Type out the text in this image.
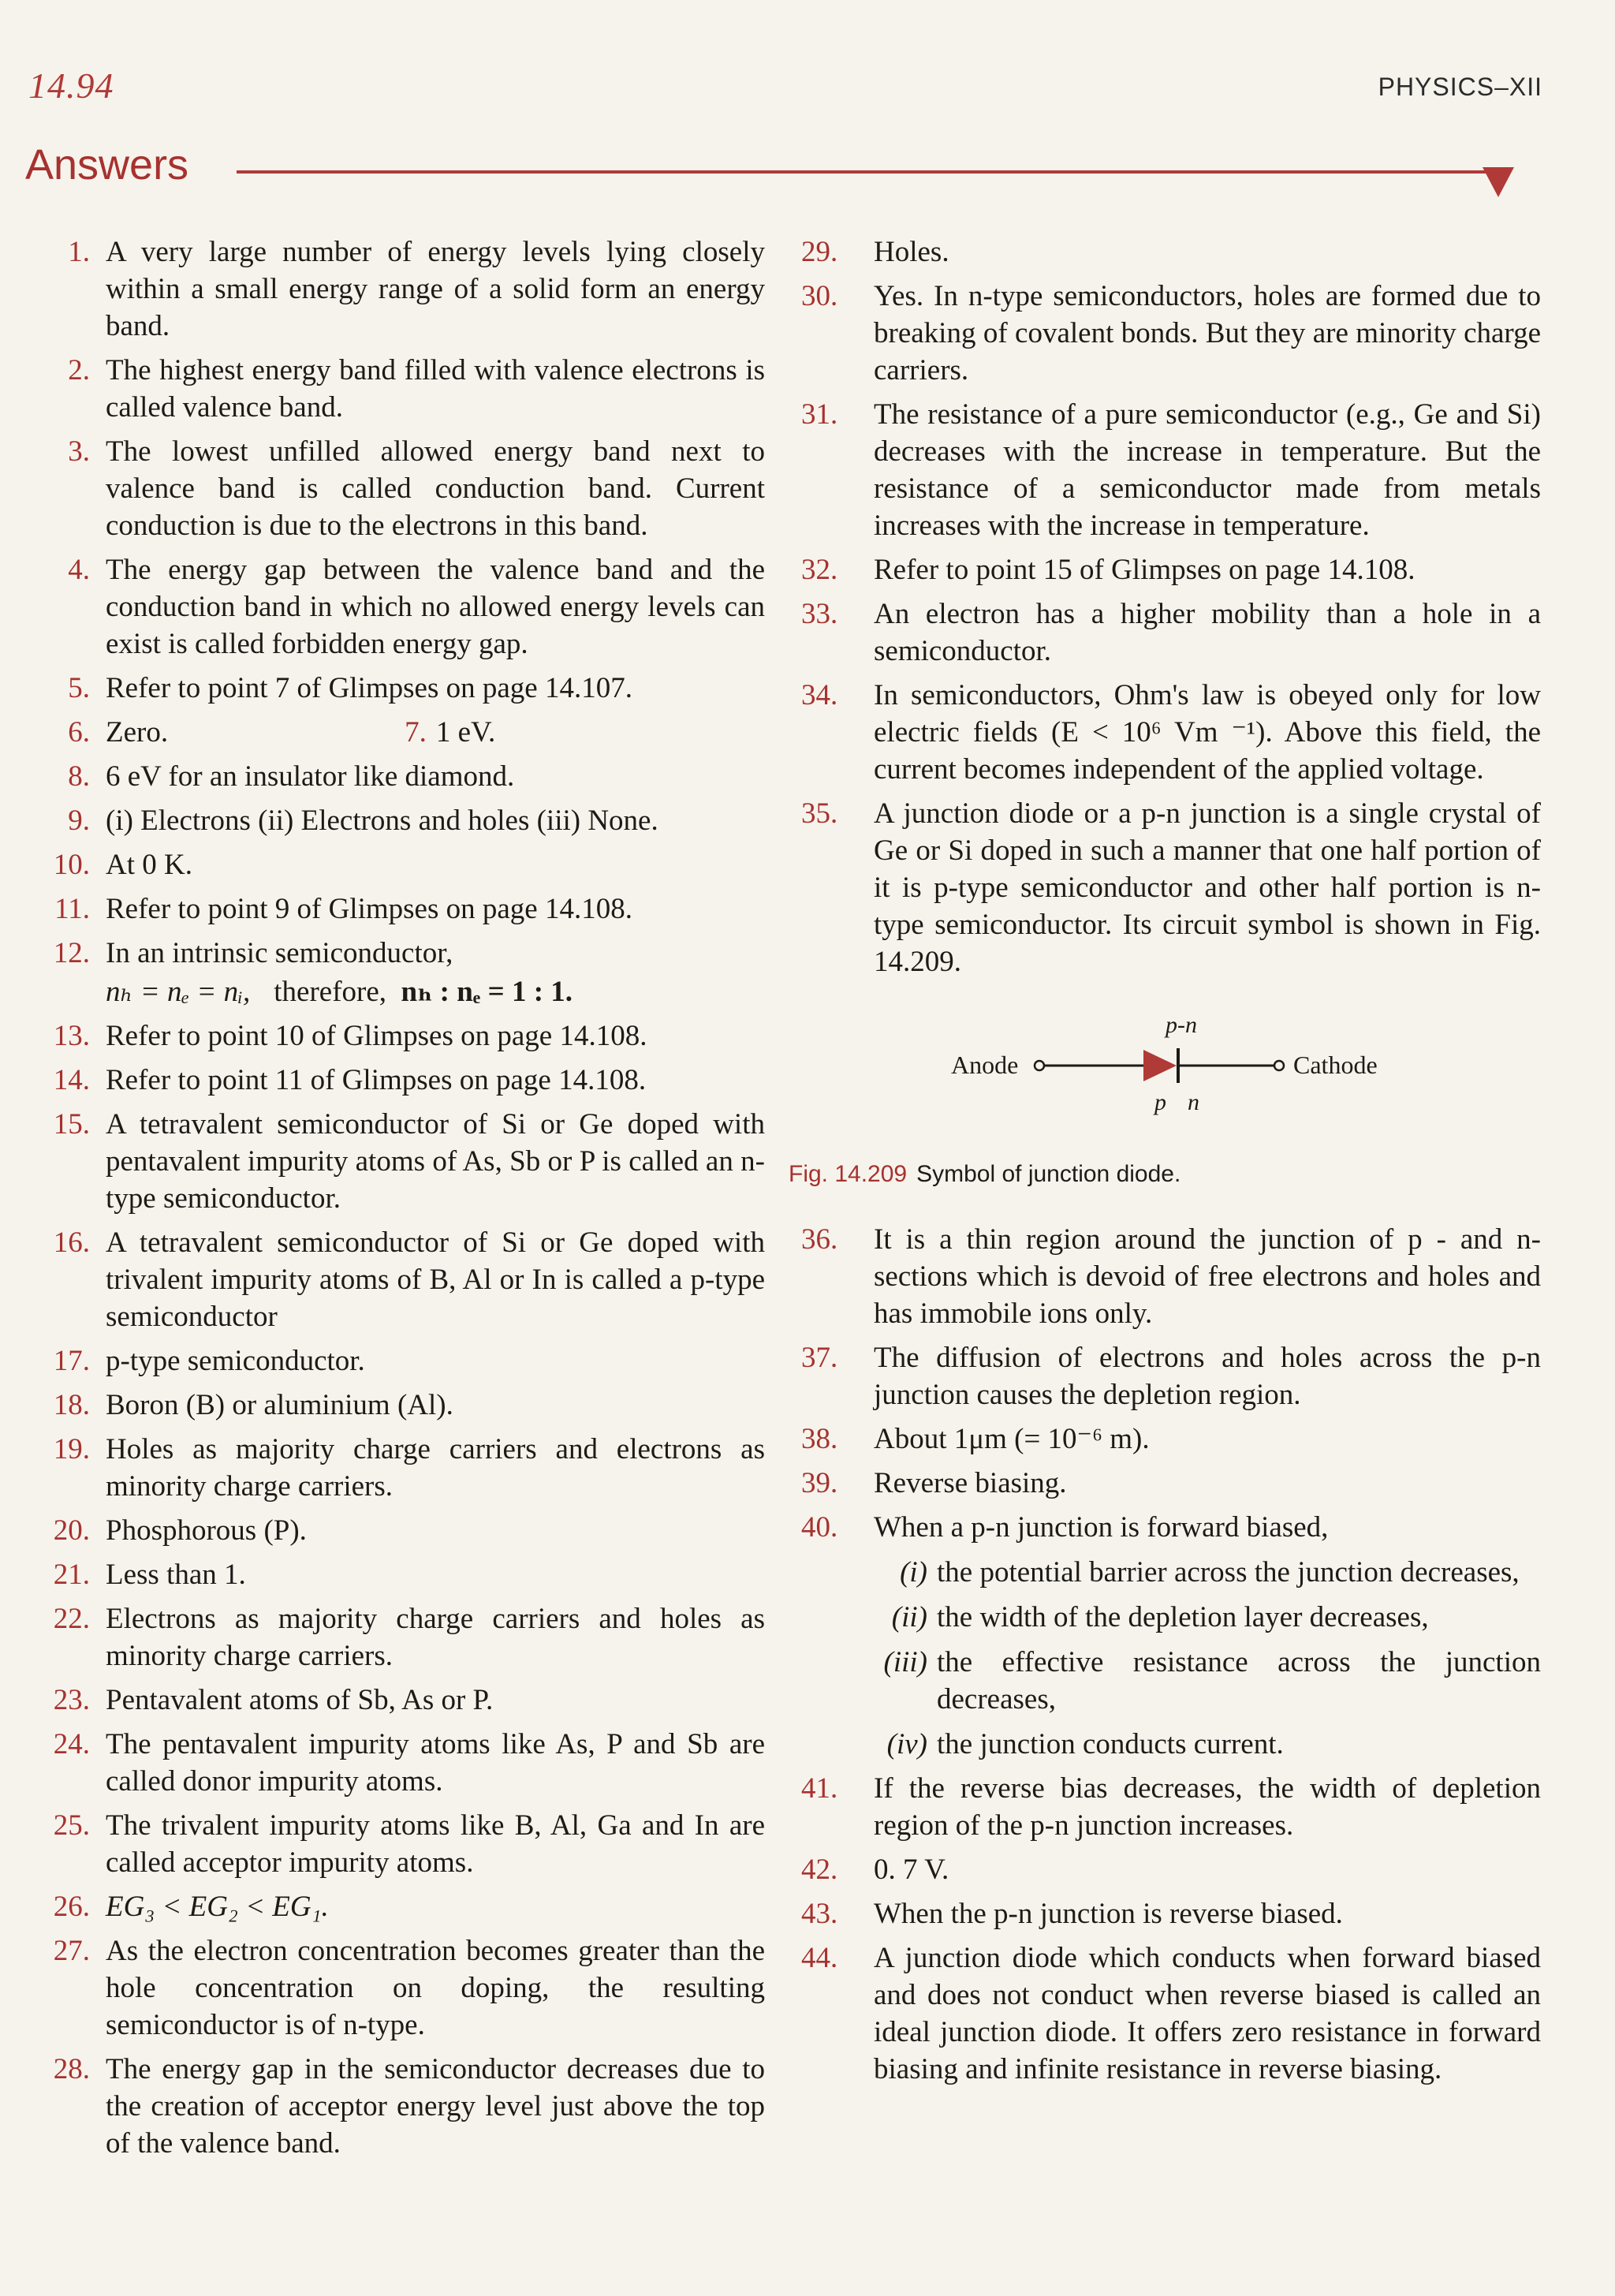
14.94	PHYSICS–XII
Answers
1. A very large number of energy levels lying closely within a small energy range of a solid form an energy band.
2. The highest energy band filled with valence electrons is called valence band.
3. The lowest unfilled allowed energy band next to valence band is called conduction band. Current conduction is due to the electrons in this band.
4. The energy gap between the valence band and the conduction band in which no allowed energy levels can exist is called forbidden energy gap.
5. Refer to point 7 of Glimpses on page 14.107.
6. Zero.	7. 1 eV.
8. 6 eV for an insulator like diamond.
9. (i) Electrons (ii) Electrons and holes (iii) None.
10. At 0 K.
11. Refer to point 9 of Glimpses on page 14.108.
12. In an intrinsic semiconductor,
nₕ = nₑ = nᵢ, therefore, nₕ : nₑ = 1 : 1.
13. Refer to point 10 of Glimpses on page 14.108.
14. Refer to point 11 of Glimpses on page 14.108.
15. A tetravalent semiconductor of Si or Ge doped with pentavalent impurity atoms of As, Sb or P is called an n-type semiconductor.
16. A tetravalent semiconductor of Si or Ge doped with trivalent impurity atoms of B, Al or In is called a p-type semiconductor
17. p-type semiconductor.
18. Boron (B) or aluminium (Al).
19. Holes as majority charge carriers and electrons as minority charge carriers.
20. Phosphorous (P).
21. Less than 1.
22. Electrons as majority charge carriers and holes as minority charge carriers.
23. Pentavalent atoms of Sb, As or P.
24. The pentavalent impurity atoms like As, P and Sb are called donor impurity atoms.
25. The trivalent impurity atoms like B, Al, Ga and In are called acceptor impurity atoms.
26. EG₃ < EG₂ < EG₁.
27. As the electron concentration becomes greater than the hole concentration on doping, the resulting semiconductor is of n-type.
28. The energy gap in the semiconductor decreases due to the creation of acceptor energy level just above the top of the valence band.
29.	Holes.
30.	Yes. In n-type semiconductors, holes are formed due to breaking of covalent bonds. But they are minority charge carriers.
31.	The resistance of a pure semiconductor (e.g., Ge and Si) decreases with the increase in temperature. But the resistance of a semiconductor made from metals increases with the increase in temperature.
32.	Refer to point 15 of Glimpses on page 14.108.
33.	An electron has a higher mobility than a hole in a semiconductor.
34.	In semiconductors, Ohm's law is obeyed only for low electric fields (E < 10⁶ Vm ⁻¹). Above this field, the current becomes independent of the applied voltage.
35.	A junction diode or a p-n junction is a single crystal of Ge or Si doped in such a manner that one half portion of it is p-type semiconductor and other half portion is n-type semiconductor. Its circuit symbol is shown in Fig. 14.209.
p-n
Anode	Cathode
p n
Fig. 14.209 Symbol of junction diode.
36.	It is a thin region around the junction of p - and n-sections which is devoid of free electrons and holes and has immobile ions only.
37.	The diffusion of electrons and holes across the p-n junction causes the depletion region.
38.	About 1μm (= 10⁻⁶ m).
39.	Reverse biasing.
40.	When a p-n junction is forward biased,
(i) the potential barrier across the junction decreases,
(ii) the width of the depletion layer decreases,
(iii) the effective resistance across the junction decreases,
(iv) the junction conducts current.
41.	If the reverse bias decreases, the width of depletion region of the p-n junction increases.
42.	0. 7 V.
43.	When the p-n junction is reverse biased.
44.	A junction diode which conducts when forward biased and does not conduct when reverse biased is called an ideal junction diode. It offers zero resistance in forward biasing and infinite resistance in reverse biasing.
